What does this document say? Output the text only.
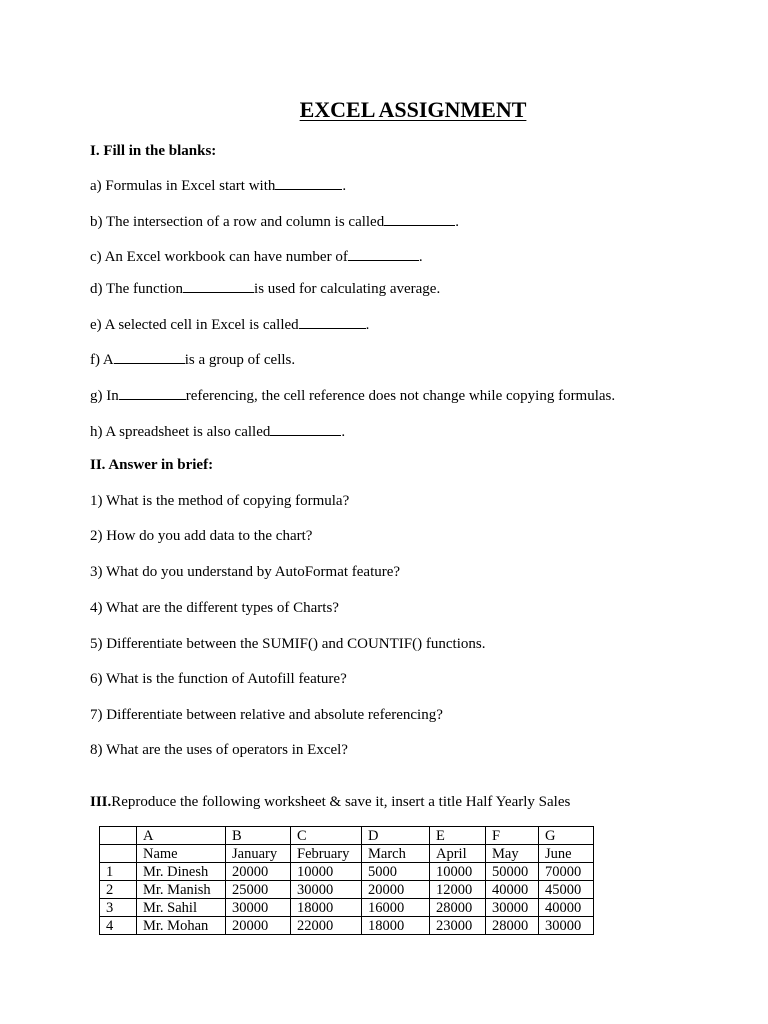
EXCEL ASSIGNMENT
I. Fill in the blanks:
a) Formulas in Excel start with	.
b) The intersection of a row and column is called	.
c) An Excel workbook can have number of	.
d) The function	is used for calculating average.
e) A selected cell in Excel is called	.
f) A	is a group of cells.
g) In	referencing, the cell reference does not change while copying formulas.
h) A spreadsheet is also called	.
II. Answer in brief:
1) What is the method of copying formula?
2) How do you add data to the chart?
3) What do you understand by AutoFormat feature?
4) What are the different types of Charts?
5) Differentiate between the SUMIF() and COUNTIF() functions.
6) What is the function of Autofill feature?
7) Differentiate between relative and absolute referencing?
8) What are the uses of operators in Excel?
III.Reproduce the following worksheet & save it, insert a title Half Yearly Sales
	A	B	C	D	E	F	G
	Name	January	February	March	April	May	June
1	Mr. Dinesh	20000	10000	5000	10000	50000	70000
2	Mr. Manish	25000	30000	20000	12000	40000	45000
3	Mr. Sahil	30000	18000	16000	28000	30000	40000
4	Mr. Mohan	20000	22000	18000	23000	28000	30000
